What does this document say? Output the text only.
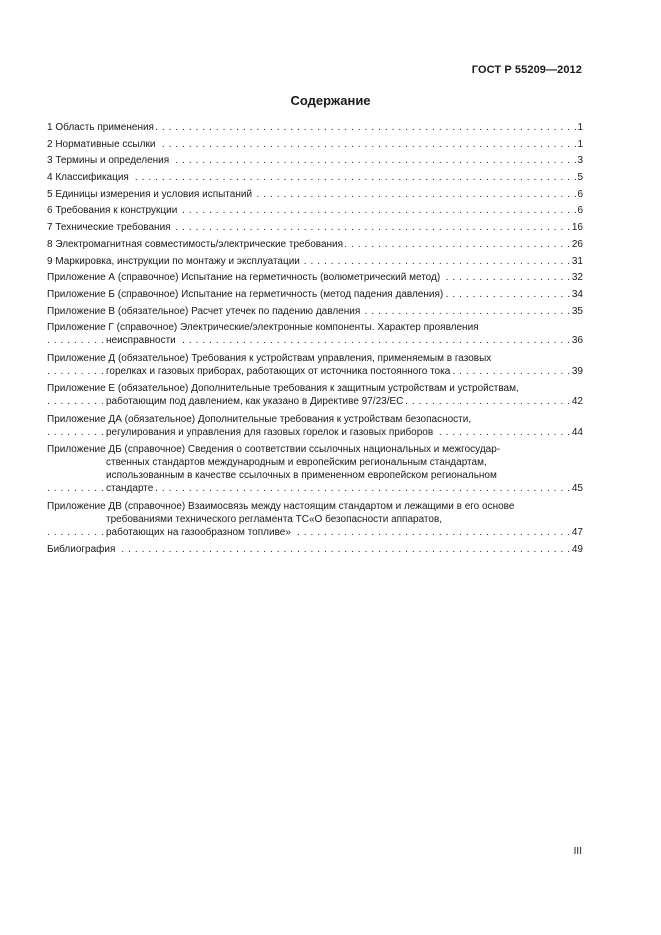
ГОСТ Р 55209—2012
Содержание
1 Область применения	1
. . .
2 Нормативные ссылки	1
. . .
3 Термины и определения	3
. . .
4 Классификация	5
. . .
5 Единицы измерения и условия испытаний	6
. . .
6 Требования к конструкции	6
. . .
7 Технические требования	16
. . .
8 Электромагнитная совместимость/электрические требования	26
. . .
9 Маркировка, инструкции по монтажу и эксплуатации	31
. . .
Приложение А (справочное) Испытание на герметичность (волюметрический метод)	32
. . .
Приложение Б (справочное) Испытание на герметичность (метод падения давления)	34
. . .
Приложение В (обязательное) Расчет утечек по падению давления	35
. . .
Приложение Г (справочное) Электрические/электронные компоненты. Характер проявления
неисправности	36
. . .
Приложение Д (обязательное) Требования к устройствам управления, применяемым в газовых
горелках и газовых приборах, работающих от источника постоянного тока	39
. . .
Приложение Е (обязательное) Дополнительные требования к защитным устройствам и устройствам,
работающим под давлением, как указано в Директиве 97/23/ЕС	42
. . .
Приложение ДА (обязательное) Дополнительные требования к устройствам безопасности,
регулирования и управления для газовых горелок и газовых приборов	44
. . .
Приложение ДБ (справочное) Сведения о соответствии ссылочных национальных и межгосудар-
ственных стандартов международным и европейским региональным стандартам,
использованным в качестве ссылочных в примененном европейском региональном
стандарте	45
. . .
Приложение ДВ (справочное) Взаимосвязь между настоящим стандартом и лежащими в его основе
требованиями технического регламента ТС«О безопасности аппаратов,
работающих на газообразном топливе»	47
. . .
Библиография	49
. . .
III
